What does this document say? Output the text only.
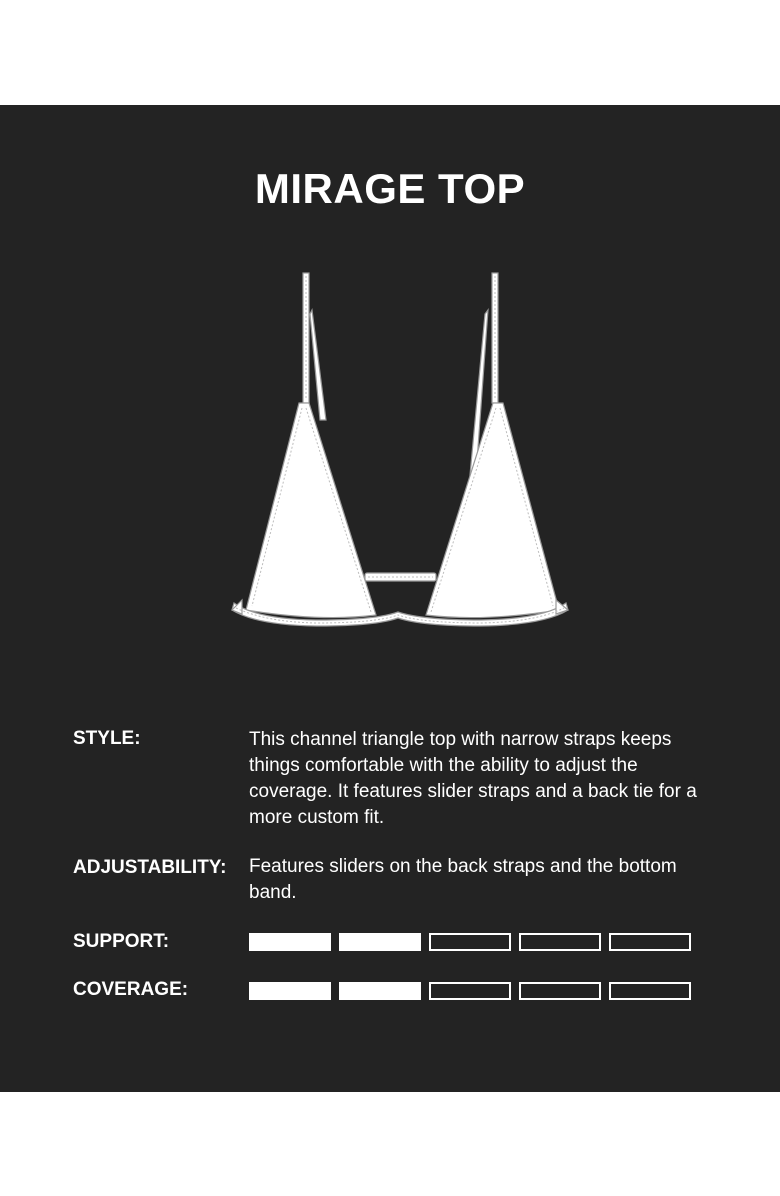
MIRAGE TOP
STYLE:	This channel triangle top with narrow straps keeps things comfortable with the ability to adjust the coverage. It features slider straps and a back tie for a more custom fit.
ADJUSTABILITY: Features sliders on the back straps and the bottom band.
SUPPORT:
COVERAGE:
